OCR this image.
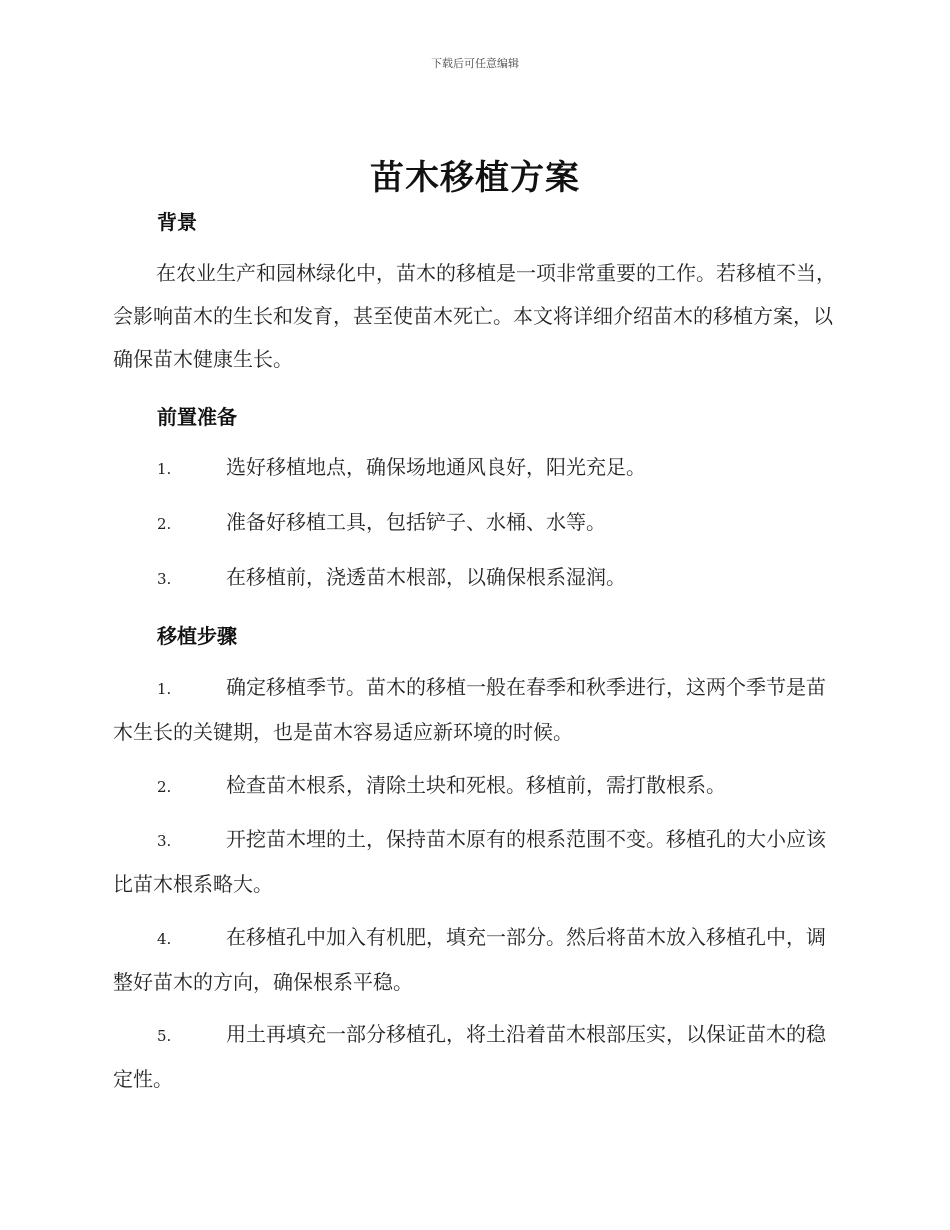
下载后可任意编辑
苗木移植方案
背景

在农业生产和园林绿化中，苗木的移植是一项非常重要的工作。若移植不当，会影响苗木的生长和发育，甚至使苗木死亡。本文将详细介绍苗木的移植方案，以确保苗木健康生长。

前置准备

1.	选好移植地点，确保场地通风良好，阳光充足。

2.	准备好移植工具，包括铲子、水桶、水等。

3.	在移植前，浇透苗木根部，以确保根系湿润。

移植步骤

1.	确定移植季节。苗木的移植一般在春季和秋季进行，这两个季节是苗木生长的关键期，也是苗木容易适应新环境的时候。

2.	检查苗木根系，清除土块和死根。移植前，需打散根系。

3.	开挖苗木埋的土，保持苗木原有的根系范围不变。移植孔的大小应该比苗木根系略大。

4.	在移植孔中加入有机肥，填充一部分。然后将苗木放入移植孔中，调整好苗木的方向，确保根系平稳。

5.	用土再填充一部分移植孔，将土沿着苗木根部压实，以保证苗木的稳定性。
